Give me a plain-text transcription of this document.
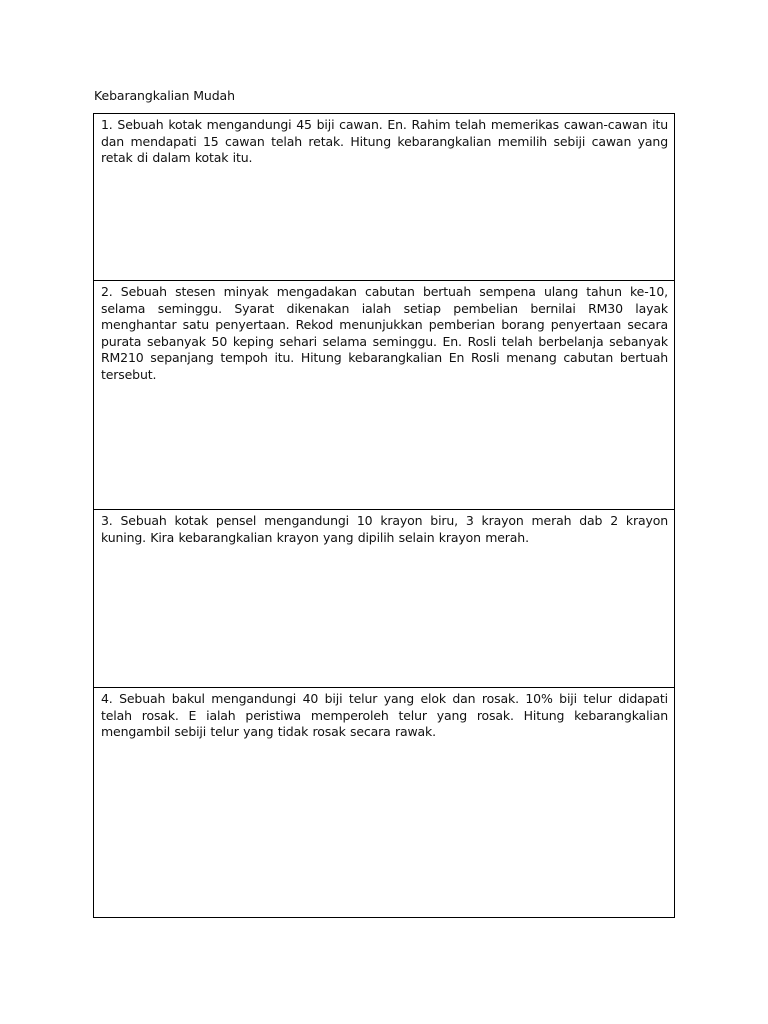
Kebarangkalian Mudah

1. Sebuah kotak mengandungi 45 biji cawan. En. Rahim telah memerikas cawan-cawan itu dan mendapati 15 cawan telah retak. Hitung kebarangkalian memilih sebiji cawan yang retak di dalam kotak itu.

2. Sebuah stesen minyak mengadakan cabutan bertuah sempena ulang tahun ke-10, selama seminggu. Syarat dikenakan ialah setiap pembelian bernilai RM30 layak menghantar satu penyertaan. Rekod menunjukkan pemberian borang penyertaan secara purata sebanyak 50 keping sehari selama seminggu. En. Rosli telah berbelanja sebanyak RM210 sepanjang tempoh itu. Hitung kebarangkalian En Rosli menang cabutan bertuah tersebut.

3. Sebuah kotak pensel mengandungi 10 krayon biru, 3 krayon merah dab 2 krayon kuning. Kira kebarangkalian krayon yang dipilih selain krayon merah.

4. Sebuah bakul mengandungi 40 biji telur yang elok dan rosak. 10% biji telur didapati telah rosak. E ialah peristiwa memperoleh telur yang rosak. Hitung kebarangkalian mengambil sebiji telur yang tidak rosak secara rawak.
